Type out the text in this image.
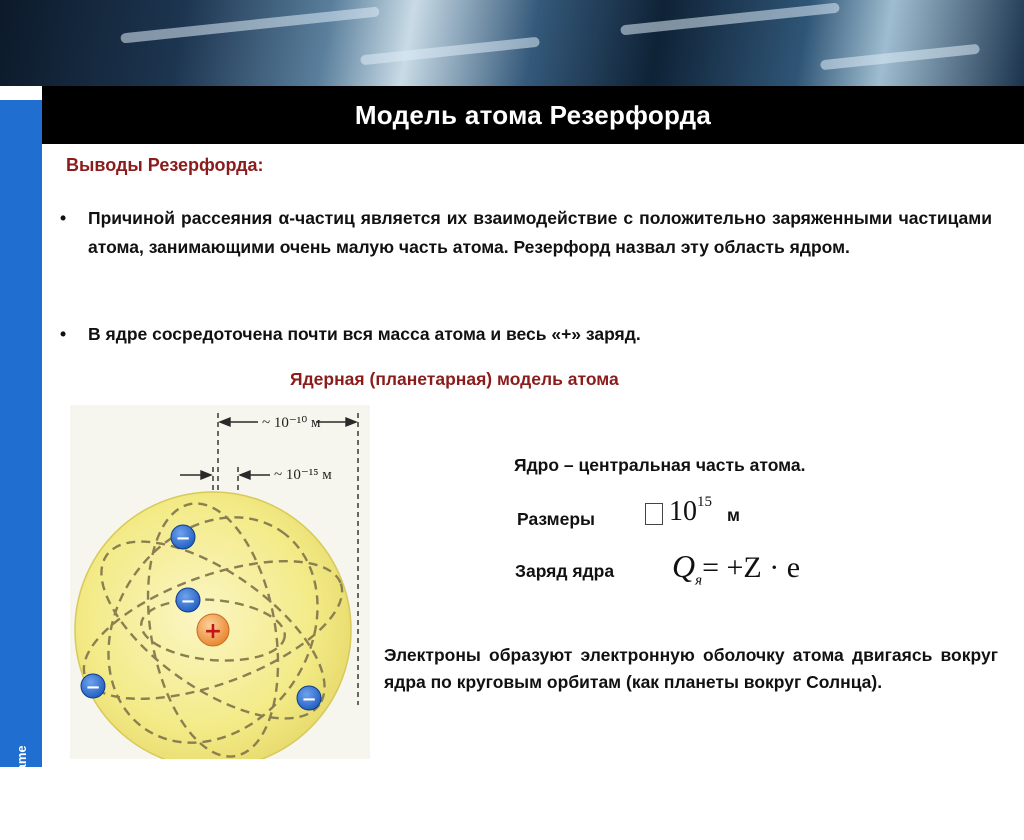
company name
Модель атома Резерфорда
Выводы Резерфорда:
• Причиной рассеяния α-частиц является их взаимодействие с положительно заряженными частицами атома, занимающими очень малую часть атома. Резерфорд назвал эту область ядром.
• В ядре сосредоточена почти вся масса атома и весь «+» заряд.
Ядерная (планетарная) модель атома
~ 10⁻¹⁰ м
~ 10⁻¹⁵ м
+
−
−
−
−
Ядро – центральная часть атома.
Размеры	$10^{15}$
м
Заряд ядра $Q_я= +Z \cdot e$
Электроны образуют электронную оболочку атома двигаясь вокруг ядра по круговым орбитам (как планеты вокруг Солнца).
